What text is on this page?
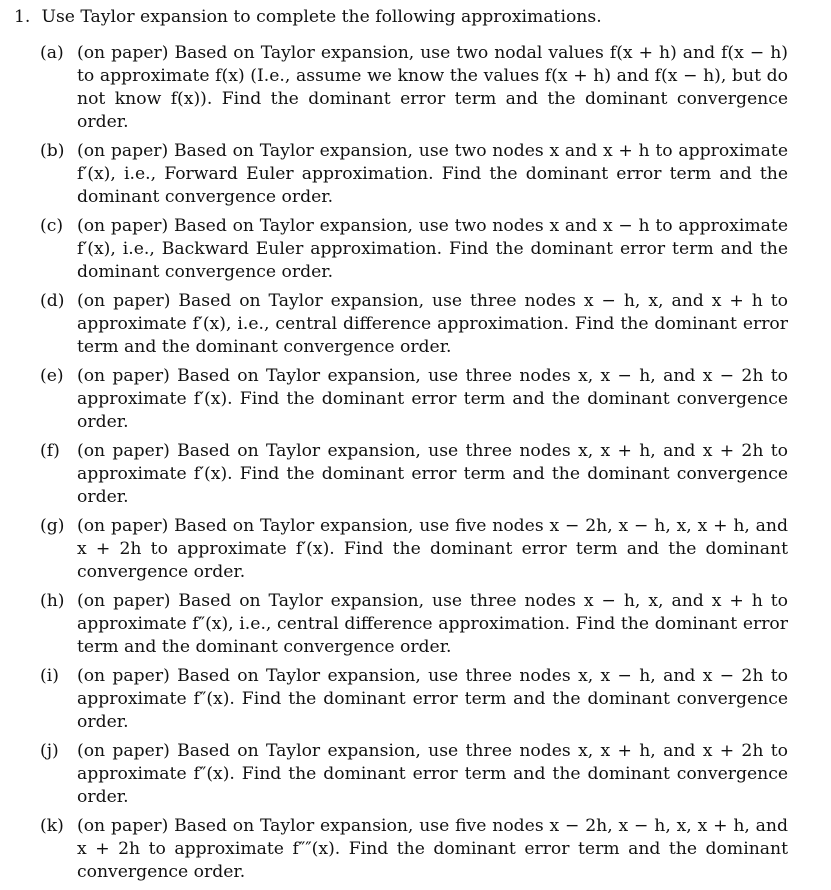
1. Use Taylor expansion to complete the following approximations.
(a) (on paper) Based on Taylor expansion, use two nodal values f(x + h) and f(x − h) to approximate f(x) (I.e., assume we know the values f(x + h) and f(x − h), but do not know f(x)). Find the dominant error term and the dominant convergence order.
(b) (on paper) Based on Taylor expansion, use two nodes x and x + h to approximate f′(x), i.e., Forward Euler approximation. Find the dominant error term and the dominant convergence order.
(c) (on paper) Based on Taylor expansion, use two nodes x and x − h to approximate f′(x), i.e., Backward Euler approximation. Find the dominant error term and the dominant convergence order.
(d) (on paper) Based on Taylor expansion, use three nodes x − h, x, and x + h to approximate f′(x), i.e., central difference approximation. Find the dominant error term and the dominant convergence order.
(e) (on paper) Based on Taylor expansion, use three nodes x, x − h, and x − 2h to approximate f′(x). Find the dominant error term and the dominant convergence order.
(f)	(on paper) Based on Taylor expansion, use three nodes x, x + h, and x + 2h to approximate f′(x). Find the dominant error term and the dominant convergence order.
(g) (on paper) Based on Taylor expansion, use five nodes x − 2h, x − h, x, x + h, and x + 2h to approximate f′(x). Find the dominant error term and the dominant convergence order.
(h) (on paper) Based on Taylor expansion, use three nodes x − h, x, and x + h to approximate f″(x), i.e., central difference approximation. Find the dominant error term and the dominant convergence order.
(i)	(on paper) Based on Taylor expansion, use three nodes x, x − h, and x − 2h to approximate f″(x). Find the dominant error term and the dominant convergence order.
(j)	(on paper) Based on Taylor expansion, use three nodes x, x + h, and x + 2h to approximate f″(x). Find the dominant error term and the dominant convergence order.
(k) (on paper) Based on Taylor expansion, use five nodes x − 2h, x − h, x, x + h, and x + 2h to approximate f″″(x). Find the dominant error term and the dominant convergence order.
